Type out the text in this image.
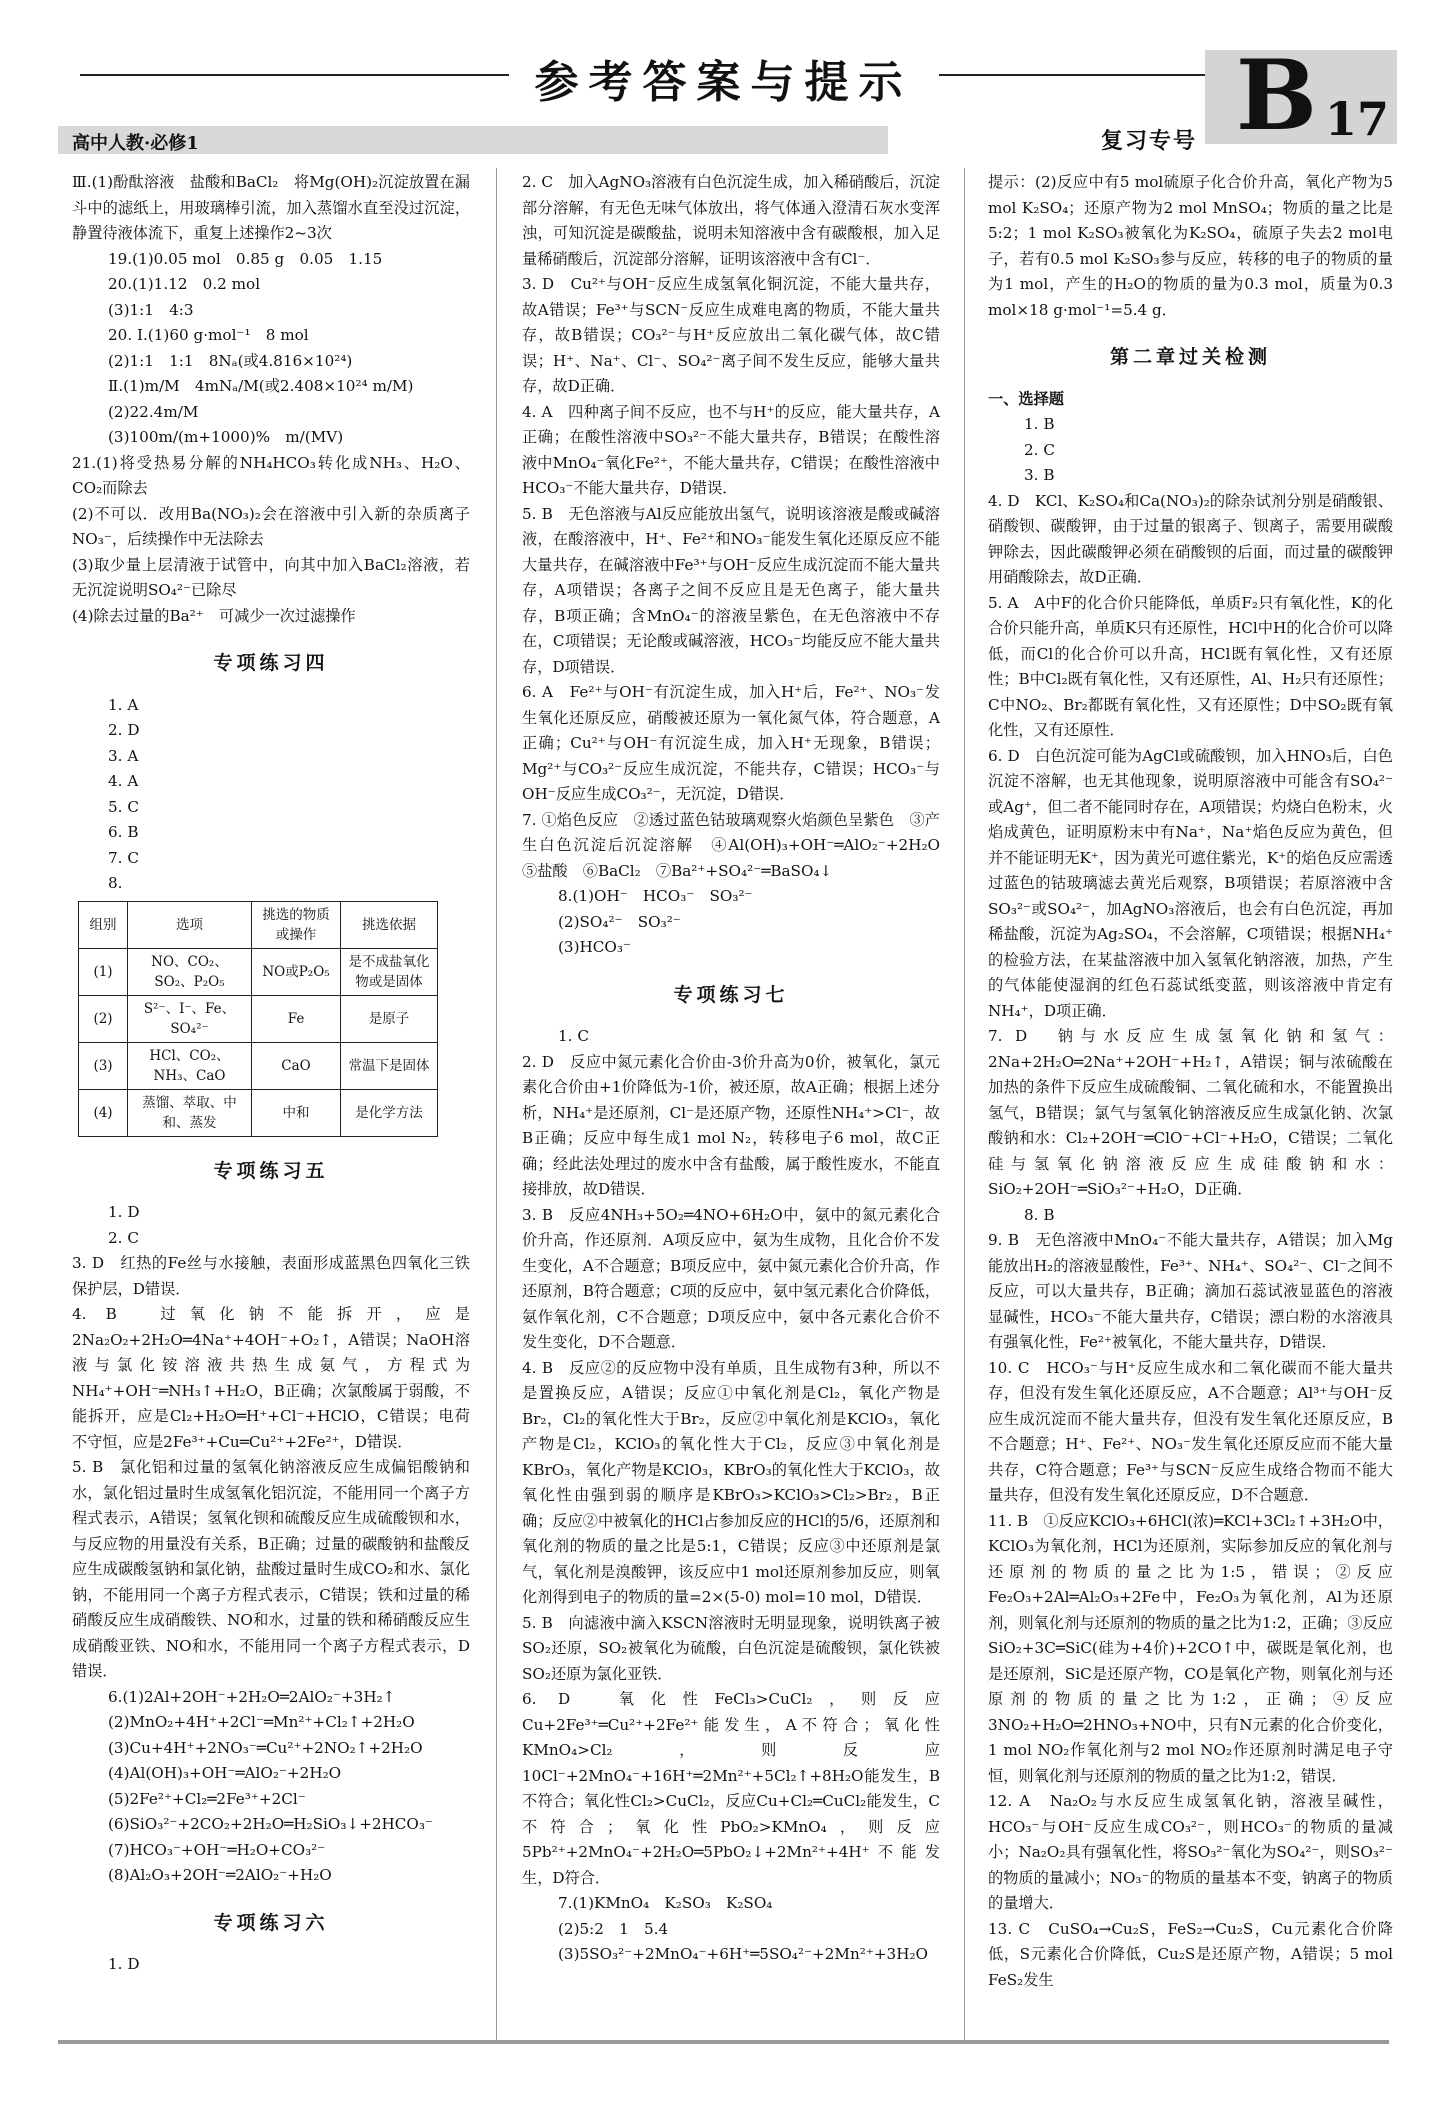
参考答案与提示	B 17
复习专号
高中人教·必修1

Ⅲ.(1)酚酞溶液　盐酸和BaCl₂　将Mg(OH)₂沉淀放置在漏斗中的滤纸上，用玻璃棒引流，加入蒸馏水直至没过沉淀，静置待液体流下，重复上述操作2~3次

19.(1)0.05 mol　0.85 g　0.05　1.15

20.(1)1.12　0.2 mol

(3)1:1　4:3

20. Ⅰ.(1)60 g·mol⁻¹　8 mol

(2)1:1　1:1　8Nₐ(或4.816×10²⁴)

Ⅱ.(1)m/M　4mNₐ/M(或2.408×10²⁴ m/M)

(2)22.4m/M

(3)100m/(m+1000)%　m/(MV)

21.(1)将受热易分解的NH₄HCO₃转化成NH₃、H₂O、CO₂而除去

(2)不可以．改用Ba(NO₃)₂会在溶液中引入新的杂质离子NO₃⁻，后续操作中无法除去

(3)取少量上层清液于试管中，向其中加入BaCl₂溶液，若无沉淀说明SO₄²⁻已除尽

(4)除去过量的Ba²⁺　可减少一次过滤操作

专项练习四

1. A

2. D

3. A

4. A

5. C

6. B

7. C

8.

组别	选项	挑选的物质或操作	挑选依据
(1)	NO、CO₂、SO₂、P₂O₅	NO或P₂O₅	是不成盐氧化物或是固体
(2)	S²⁻、I⁻、Fe、SO₄²⁻	Fe	是原子
(3)	HCl、CO₂、NH₃、CaO	CaO	常温下是固体
(4)	蒸馏、萃取、中和、蒸发	中和	是化学方法
专项练习五

1. D

2. C

3. D　红热的Fe丝与水接触，表面形成蓝黑色四氧化三铁保护层，D错误．

4. B　过氧化钠不能拆开，应是2Na₂O₂+2H₂O═4Na⁺+4OH⁻+O₂↑，A错误；NaOH溶液与氯化铵溶液共热生成氨气，方程式为NH₄⁺+OH⁻═NH₃↑+H₂O，B正确；次氯酸属于弱酸，不能拆开，应是Cl₂+H₂O═H⁺+Cl⁻+HClO，C错误；电荷不守恒，应是2Fe³⁺+Cu═Cu²⁺+2Fe²⁺，D错误．

5. B　氯化铝和过量的氢氧化钠溶液反应生成偏铝酸钠和水，氯化铝过量时生成氢氧化铝沉淀，不能用同一个离子方程式表示，A错误；氢氧化钡和硫酸反应生成硫酸钡和水，与反应物的用量没有关系，B正确；过量的碳酸钠和盐酸反应生成碳酸氢钠和氯化钠，盐酸过量时生成CO₂和水、氯化钠，不能用同一个离子方程式表示，C错误；铁和过量的稀硝酸反应生成硝酸铁、NO和水，过量的铁和稀硝酸反应生成硝酸亚铁、NO和水，不能用同一个离子方程式表示，D错误．

6.(1)2Al+2OH⁻+2H₂O═2AlO₂⁻+3H₂↑

(2)MnO₂+4H⁺+2Cl⁻═Mn²⁺+Cl₂↑+2H₂O

(3)Cu+4H⁺+2NO₃⁻═Cu²⁺+2NO₂↑+2H₂O

(4)Al(OH)₃+OH⁻═AlO₂⁻+2H₂O

(5)2Fe²⁺+Cl₂═2Fe³⁺+2Cl⁻

(6)SiO₃²⁻+2CO₂+2H₂O═H₂SiO₃↓+2HCO₃⁻

(7)HCO₃⁻+OH⁻═H₂O+CO₃²⁻

(8)Al₂O₃+2OH⁻═2AlO₂⁻+H₂O

专项练习六

1. D

2. C　加入AgNO₃溶液有白色沉淀生成，加入稀硝酸后，沉淀部分溶解，有无色无味气体放出，将气体通入澄清石灰水变浑浊，可知沉淀是碳酸盐，说明未知溶液中含有碳酸根，加入足量稀硝酸后，沉淀部分溶解，证明该溶液中含有Cl⁻．

3. D　Cu²⁺与OH⁻反应生成氢氧化铜沉淀，不能大量共存，故A错误；Fe³⁺与SCN⁻反应生成难电离的物质，不能大量共存，故B错误；CO₃²⁻与H⁺反应放出二氧化碳气体，故C错误；H⁺、Na⁺、Cl⁻、SO₄²⁻离子间不发生反应，能够大量共存，故D正确．

4. A　四种离子间不反应，也不与H⁺的反应，能大量共存，A正确；在酸性溶液中SO₃²⁻不能大量共存，B错误；在酸性溶液中MnO₄⁻氧化Fe²⁺，不能大量共存，C错误；在酸性溶液中HCO₃⁻不能大量共存，D错误．

5. B　无色溶液与Al反应能放出氢气，说明该溶液是酸或碱溶液，在酸溶液中，H⁺、Fe²⁺和NO₃⁻能发生氧化还原反应不能大量共存，在碱溶液中Fe³⁺与OH⁻反应生成沉淀而不能大量共存，A项错误；各离子之间不反应且是无色离子，能大量共存，B项正确；含MnO₄⁻的溶液呈紫色，在无色溶液中不存在，C项错误；无论酸或碱溶液，HCO₃⁻均能反应不能大量共存，D项错误．

6. A　Fe²⁺与OH⁻有沉淀生成，加入H⁺后，Fe²⁺、NO₃⁻发生氧化还原反应，硝酸被还原为一氧化氮气体，符合题意，A正确；Cu²⁺与OH⁻有沉淀生成，加入H⁺无现象，B错误；Mg²⁺与CO₃²⁻反应生成沉淀，不能共存，C错误；HCO₃⁻与OH⁻反应生成CO₃²⁻，无沉淀，D错误．

7. ①焰色反应　②透过蓝色钴玻璃观察火焰颜色呈紫色　③产生白色沉淀后沉淀溶解　④Al(OH)₃+OH⁻═AlO₂⁻+2H₂O　⑤盐酸　⑥BaCl₂　⑦Ba²⁺+SO₄²⁻═BaSO₄↓

8.(1)OH⁻　HCO₃⁻　SO₃²⁻

(2)SO₄²⁻　SO₃²⁻

(3)HCO₃⁻

专项练习七

1. C

2. D　反应中氮元素化合价由-3价升高为0价，被氧化，氯元素化合价由+1价降低为-1价，被还原，故A正确；根据上述分析，NH₄⁺是还原剂，Cl⁻是还原产物，还原性NH₄⁺>Cl⁻，故B正确；反应中每生成1 mol N₂，转移电子6 mol，故C正确；经此法处理过的废水中含有盐酸，属于酸性废水，不能直接排放，故D错误．

3. B　反应4NH₃+5O₂═4NO+6H₂O中，氨中的氮元素化合价升高，作还原剂．A项反应中，氨为生成物，且化合价不发生变化，A不合题意；B项反应中，氨中氮元素化合价升高，作还原剂，B符合题意；C项的反应中，氨中氢元素化合价降低，氨作氧化剂，C不合题意；D项反应中，氨中各元素化合价不发生变化，D不合题意．

4. B　反应②的反应物中没有单质，且生成物有3种，所以不是置换反应，A错误；反应①中氧化剂是Cl₂，氧化产物是Br₂，Cl₂的氧化性大于Br₂，反应②中氧化剂是KClO₃，氧化产物是Cl₂，KClO₃的氧化性大于Cl₂，反应③中氧化剂是KBrO₃，氧化产物是KClO₃，KBrO₃的氧化性大于KClO₃，故氧化性由强到弱的顺序是KBrO₃>KClO₃>Cl₂>Br₂，B正确；反应②中被氧化的HCl占参加反应的HCl的5/6，还原剂和氧化剂的物质的量之比是5:1，C错误；反应③中还原剂是氯气，氧化剂是溴酸钾，该反应中1 mol还原剂参加反应，则氧化剂得到电子的物质的量=2×(5-0) mol=10 mol，D错误．

5. B　向滤液中滴入KSCN溶液时无明显现象，说明铁离子被SO₂还原，SO₂被氧化为硫酸，白色沉淀是硫酸钡，氯化铁被SO₂还原为氯化亚铁．

6. D　氧化性FeCl₃>CuCl₂，则反应Cu+2Fe³⁺═Cu²⁺+2Fe²⁺能发生，A不符合；氧化性KMnO₄>Cl₂，则反应10Cl⁻+2MnO₄⁻+16H⁺═2Mn²⁺+5Cl₂↑+8H₂O能发生，B不符合；氧化性Cl₂>CuCl₂，反应Cu+Cl₂═CuCl₂能发生，C不符合；氧化性PbO₂>KMnO₄，则反应5Pb²⁺+2MnO₄⁻+2H₂O═5PbO₂↓+2Mn²⁺+4H⁺不能发生，D符合．

7.(1)KMnO₄　K₂SO₃　K₂SO₄

(2)5:2　1　5.4

(3)5SO₃²⁻+2MnO₄⁻+6H⁺═5SO₄²⁻+2Mn²⁺+3H₂O

提示：(2)反应中有5 mol硫原子化合价升高，氧化产物为5 mol K₂SO₄；还原产物为2 mol MnSO₄；物质的量之比是5:2；1 mol K₂SO₃被氧化为K₂SO₄，硫原子失去2 mol电子，若有0.5 mol K₂SO₃参与反应，转移的电子的物质的量为1 mol，产生的H₂O的物质的量为0.3 mol，质量为0.3 mol×18 g·mol⁻¹=5.4 g．

第二章过关检测

一、选择题

1. B

2. C

3. B

4. D　KCl、K₂SO₄和Ca(NO₃)₂的除杂试剂分别是硝酸银、硝酸钡、碳酸钾，由于过量的银离子、钡离子，需要用碳酸钾除去，因此碳酸钾必须在硝酸钡的后面，而过量的碳酸钾用硝酸除去，故D正确．

5. A　A中F的化合价只能降低，单质F₂只有氧化性，K的化合价只能升高，单质K只有还原性，HCl中H的化合价可以降低，而Cl的化合价可以升高，HCl既有氧化性，又有还原性；B中Cl₂既有氧化性，又有还原性，Al、H₂只有还原性；C中NO₂、Br₂都既有氧化性，又有还原性；D中SO₂既有氧化性，又有还原性．

6. D　白色沉淀可能为AgCl或硫酸钡，加入HNO₃后，白色沉淀不溶解，也无其他现象，说明原溶液中可能含有SO₄²⁻或Ag⁺，但二者不能同时存在，A项错误；灼烧白色粉末，火焰成黄色，证明原粉末中有Na⁺，Na⁺焰色反应为黄色，但并不能证明无K⁺，因为黄光可遮住紫光，K⁺的焰色反应需透过蓝色的钴玻璃滤去黄光后观察，B项错误；若原溶液中含SO₃²⁻或SO₄²⁻，加AgNO₃溶液后，也会有白色沉淀，再加稀盐酸，沉淀为Ag₂SO₄，不会溶解，C项错误；根据NH₄⁺的检验方法，在某盐溶液中加入氢氧化钠溶液，加热，产生的气体能使湿润的红色石蕊试纸变蓝，则该溶液中肯定有NH₄⁺，D项正确．

7. D　钠与水反应生成氢氧化钠和氢气：2Na+2H₂O═2Na⁺+2OH⁻+H₂↑，A错误；铜与浓硫酸在加热的条件下反应生成硫酸铜、二氧化硫和水，不能置换出氢气，B错误；氯气与氢氧化钠溶液反应生成氯化钠、次氯酸钠和水：Cl₂+2OH⁻═ClO⁻+Cl⁻+H₂O，C错误；二氧化硅与氢氧化钠溶液反应生成硅酸钠和水：SiO₂+2OH⁻═SiO₃²⁻+H₂O，D正确．

8. B

9. B　无色溶液中MnO₄⁻不能大量共存，A错误；加入Mg能放出H₂的溶液显酸性，Fe³⁺、NH₄⁺、SO₄²⁻、Cl⁻之间不反应，可以大量共存，B正确；滴加石蕊试液显蓝色的溶液显碱性，HCO₃⁻不能大量共存，C错误；漂白粉的水溶液具有强氧化性，Fe²⁺被氧化，不能大量共存，D错误．

10. C　HCO₃⁻与H⁺反应生成水和二氧化碳而不能大量共存，但没有发生氧化还原反应，A不合题意；Al³⁺与OH⁻反应生成沉淀而不能大量共存，但没有发生氧化还原反应，B不合题意；H⁺、Fe²⁺、NO₃⁻发生氧化还原反应而不能大量共存，C符合题意；Fe³⁺与SCN⁻反应生成络合物而不能大量共存，但没有发生氧化还原反应，D不合题意．

11. B　①反应KClO₃+6HCl(浓)═KCl+3Cl₂↑+3H₂O中，KClO₃为氧化剂，HCl为还原剂，实际参加反应的氧化剂与还原剂的物质的量之比为1:5，错误；②反应Fe₂O₃+2Al═Al₂O₃+2Fe中，Fe₂O₃为氧化剂，Al为还原剂，则氧化剂与还原剂的物质的量之比为1:2，正确；③反应SiO₂+3C═SiC(硅为+4价)+2CO↑中，碳既是氧化剂，也是还原剂，SiC是还原产物，CO是氧化产物，则氧化剂与还原剂的物质的量之比为1:2，正确；④反应3NO₂+H₂O═2HNO₃+NO中，只有N元素的化合价变化，1 mol NO₂作氧化剂与2 mol NO₂作还原剂时满足电子守恒，则氧化剂与还原剂的物质的量之比为1:2，错误．

12. A　Na₂O₂与水反应生成氢氧化钠，溶液呈碱性，HCO₃⁻与OH⁻反应生成CO₃²⁻，则HCO₃⁻的物质的量减小；Na₂O₂具有强氧化性，将SO₃²⁻氧化为SO₄²⁻，则SO₃²⁻的物质的量减小；NO₃⁻的物质的量基本不变，钠离子的物质的量增大．

13. C　CuSO₄→Cu₂S，FeS₂→Cu₂S，Cu元素化合价降低，S元素化合价降低，Cu₂S是还原产物，A错误；5 mol FeS₂发生
